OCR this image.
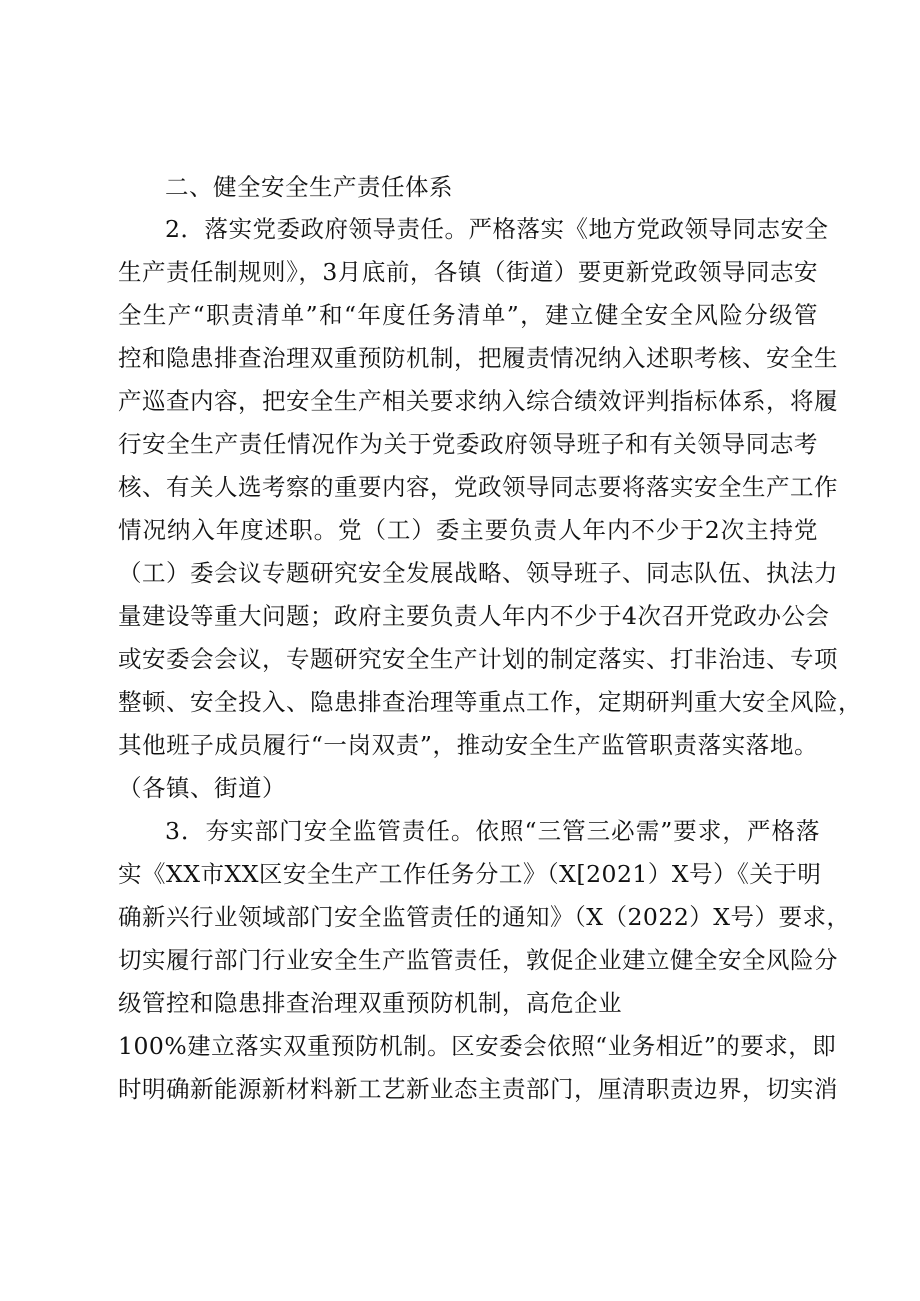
二、健全安全生产责任体系
2．落实党委政府领导责任。严格落实《地方党政领导同志安全
生产责任制规则》，3月底前，各镇（街道）要更新党政领导同志安
全生产“职责清单”和“年度任务清单”，建立健全安全风险分级管
控和隐患排查治理双重预防机制，把履责情况纳入述职考核、安全生
产巡查内容，把安全生产相关要求纳入综合绩效评判指标体系，将履
行安全生产责任情况作为关于党委政府领导班子和有关领导同志考
核、有关人选考察的重要内容，党政领导同志要将落实安全生产工作
情况纳入年度述职。党（工）委主要负责人年内不少于2次主持党
（工）委会议专题研究安全发展战略、领导班子、同志队伍、执法力
量建设等重大问题；政府主要负责人年内不少于4次召开党政办公会
或安委会会议，专题研究安全生产计划的制定落实、打非治违、专项
整顿、安全投入、隐患排查治理等重点工作，定期研判重大安全风险，
其他班子成员履行“一岗双责”，推动安全生产监管职责落实落地。
（各镇、街道）
3．夯实部门安全监管责任。依照“三管三必需”要求，严格落
实《XX市XX区安全生产工作任务分工》（X[2021）X号）《关于明
确新兴行业领域部门安全监管责任的通知》（X（2022）X号）要求，
切实履行部门行业安全生产监管责任，敦促企业建立健全安全风险分
级管控和隐患排查治理双重预防机制，高危企业
100%建立落实双重预防机制。区安委会依照“业务相近”的要求，即
时明确新能源新材料新工艺新业态主责部门，厘清职责边界，切实消
